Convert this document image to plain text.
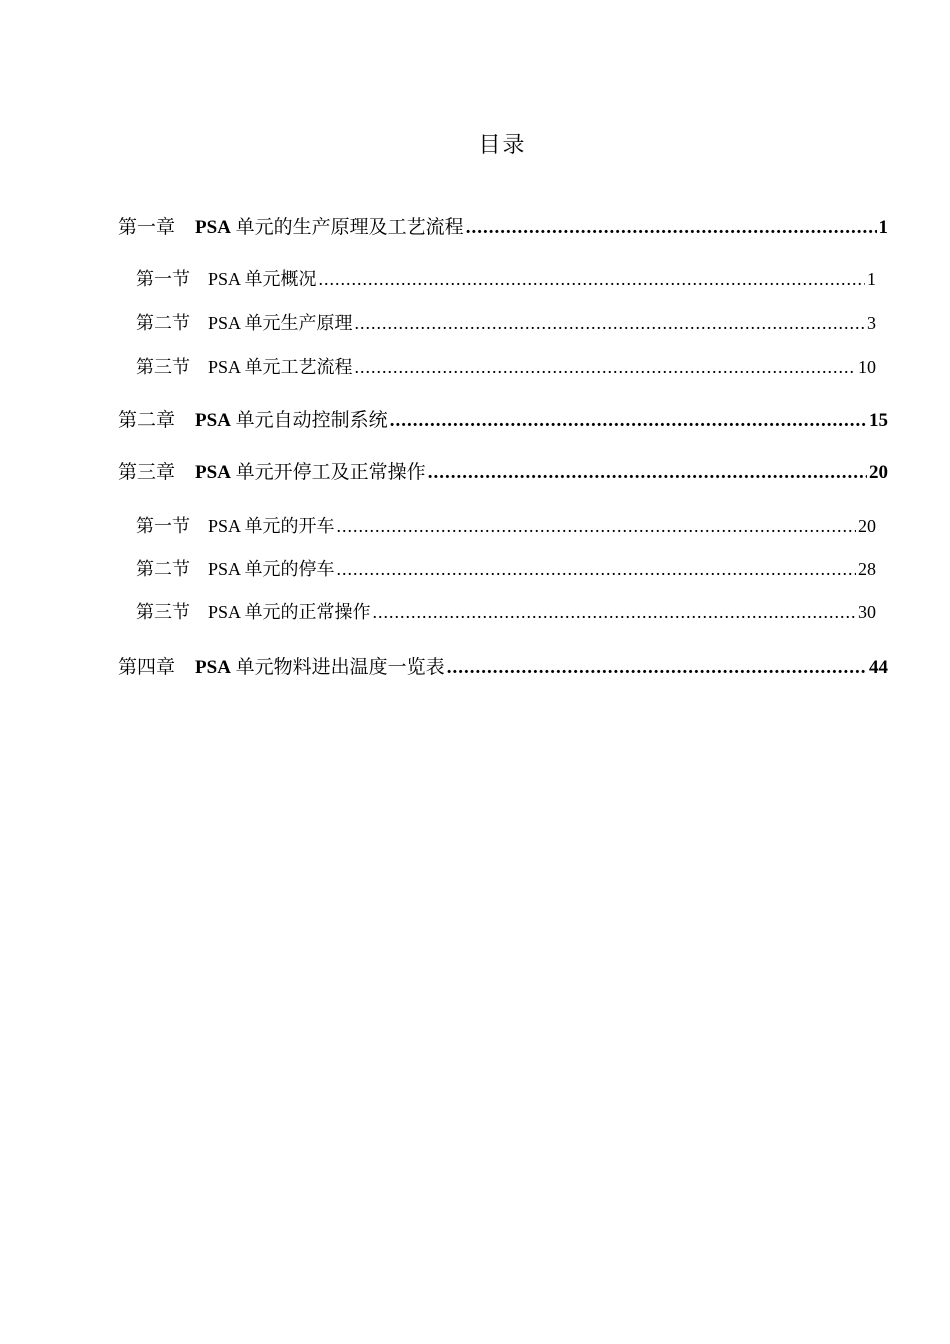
目录
第一章 PSA 单元的生产原理及工艺流程 .....	1
第一节 PSA 单元概况 .....	1
第二节 PSA 单元生产原理 .....	3
第三节 PSA 单元工艺流程 .....	10
第二章 PSA 单元自动控制系统 .....	15
第三章 PSA 单元开停工及正常操作 .....	20
第一节 PSA 单元的开车 .....	20
第二节 PSA 单元的停车 .....	28
第三节 PSA 单元的正常操作 .....	30
第四章 PSA 单元物料进出温度一览表 .....	44
